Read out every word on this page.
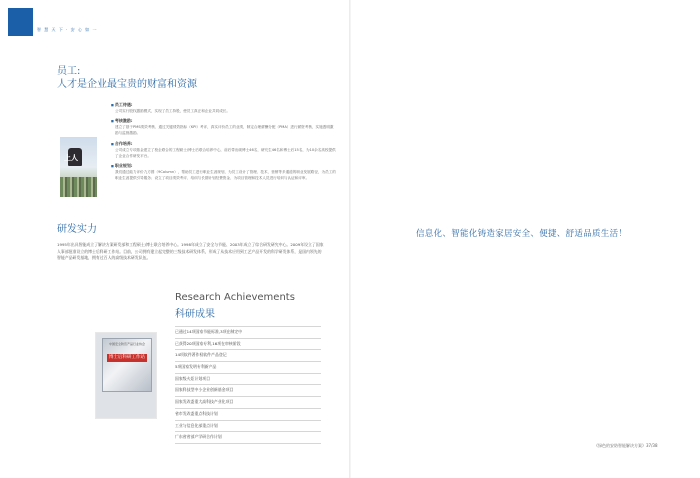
智 慧 天 下 · 安 心 如 一
员工:
人才是企业最宝贵的财富和资源
上人
■ 员工待遇:
公司实行股权激励模式，实现了员工持股，使员工真正和企业共同成长。
■ 考核激励:
建立了基于PMS绩效考核、通过关键绩效指标（KPI）考评，真实评价员工的业绩，制定合理薪酬分配（PMA）进行薪资考核，实施透明激励与监督激励。
■ 合作培养:
公司成立专项基金建立了校企联合的工程硕士/博士后联合培养中心，前后带出硕博士46名，研究生46名和博士后15名，为10余名高校提供了企业合作研发平台。
■ 职业规划:
我们通过能力评价九方圆（9Column），帮助员工进行职业生涯规划，为员工设计了管理、技术、营销等多通道的职业发展路径，为员工的职业生涯提供引导服务；设立了项目绩效考评、培训与长期计划经费资金、为项目管理和技术人员进行培训与认证和评审。
研发实力
1995年出具智能成立了解决方案研发部和工程硕士/博士联合培养中心。1998年成立了安全与节能、2003年成立了综合研发研究中心。2009年设立了国家人事部批准设立的博士后科研工作站。目前，公司拥有建立起完整的三级技术研发体系，形成了从技术应用到工艺产品开发的科学研发体系，是国内领先的智能产品研发基地，拥有过百人的高级技术研发队伍。
Research Achievements
科研成果
中国安全防范产品行业协会
博士后科研工作站
已通过14项国家节能标准,3项在制定中
已获得20项国家专利,16项在审核阶段
14项软件著作权软件产品登记
5项国家发明专利新产品
国家级火炬计划项目
国家科技型中小企业创新基金项目
国家发改委重大高科技产业化项目
省市发改委重点科技计划
工业与信息化部重点计划
广东省省部产学研合作计划
信息化、智能化铸造家居安全、便捷、舒适品质生活！
《绿色的安防智能解决方案》37/38
